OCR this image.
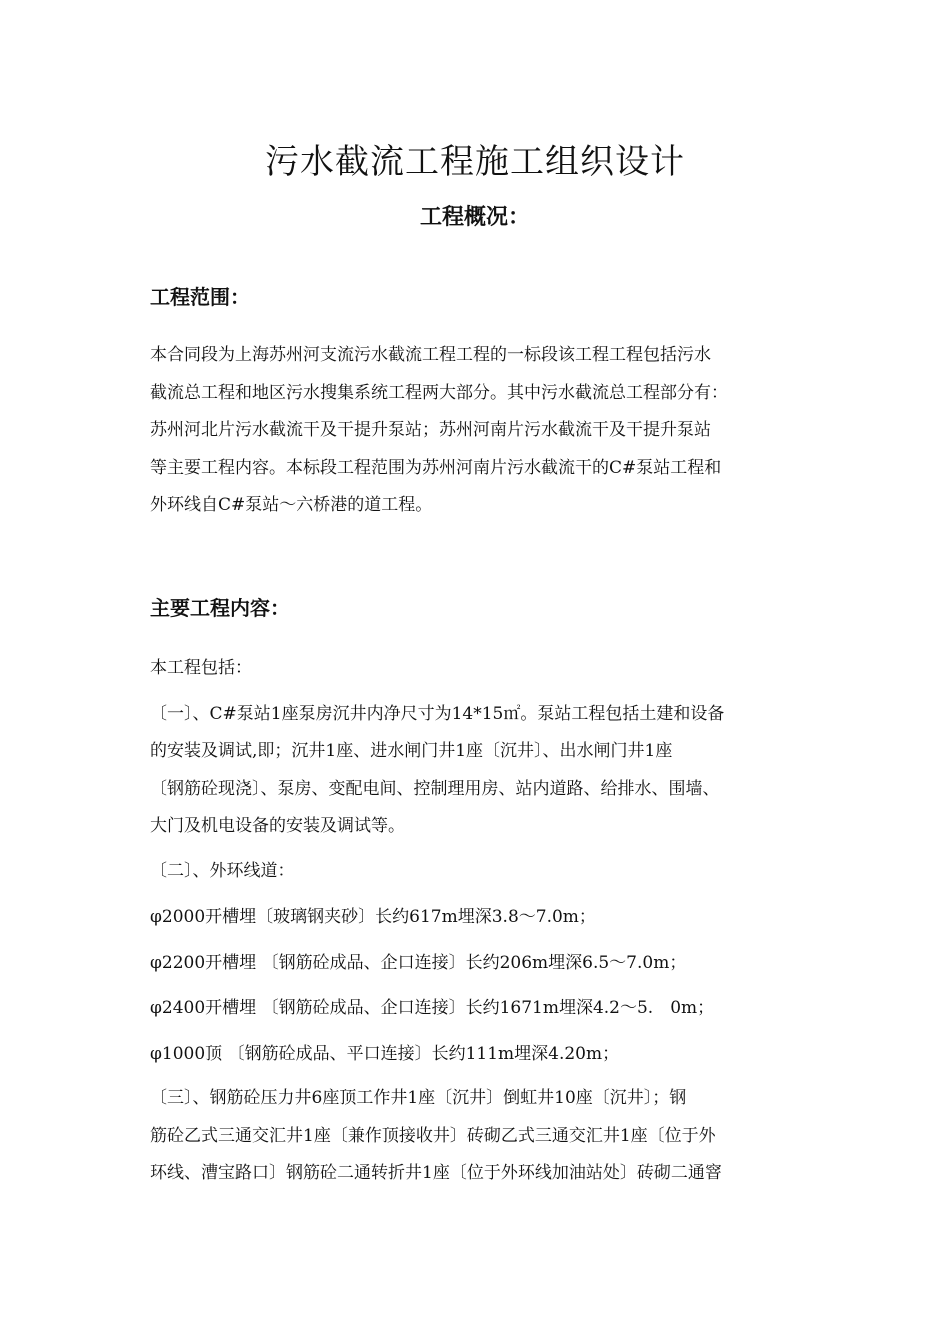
污水截流工程施工组织设计
工程概况：
工程范围：
本合同段为上海苏州河支流污水截流工程工程的一标段该工程工程包括污水
截流总工程和地区污水搜集系统工程两大部分。其中污水截流总工程部分有：
苏州河北片污水截流干及干提升泵站；苏州河南片污水截流干及干提升泵站
等主要工程内容。本标段工程范围为苏州河南片污水截流干的C#泵站工程和
外环线自C#泵站～六桥港的道工程。
主要工程内容：
本工程包括：
〔一〕、C#泵站1座泵房沉井内净尺寸为14*15㎡。泵站工程包括土建和设备
的安装及调试,即；沉井1座、进水闸门井1座〔沉井〕、出水闸门井1座
〔钢筋砼现浇〕、泵房、变配电间、控制理用房、站内道路、给排水、围墙、
大门及机电设备的安装及调试等。
〔二〕、外环线道：
φ2000开槽埋〔玻璃钢夹砂〕长约617m埋深3.8～7.0m；
φ2200开槽埋 〔钢筋砼成品、企口连接〕长约206m埋深6.5～7.0m；
φ2400开槽埋 〔钢筋砼成品、企口连接〕长约1671m埋深4.2～5.　0m；
φ1000顶 〔钢筋砼成品、平口连接〕长约111m埋深4.20m；
〔三〕、钢筋砼压力井6座顶工作井1座〔沉井〕倒虹井10座〔沉井〕；钢
筋砼乙式三通交汇井1座〔兼作顶接收井〕砖砌乙式三通交汇井1座〔位于外
环线、漕宝路口〕钢筋砼二通转折井1座〔位于外环线加油站处〕砖砌二通窨
